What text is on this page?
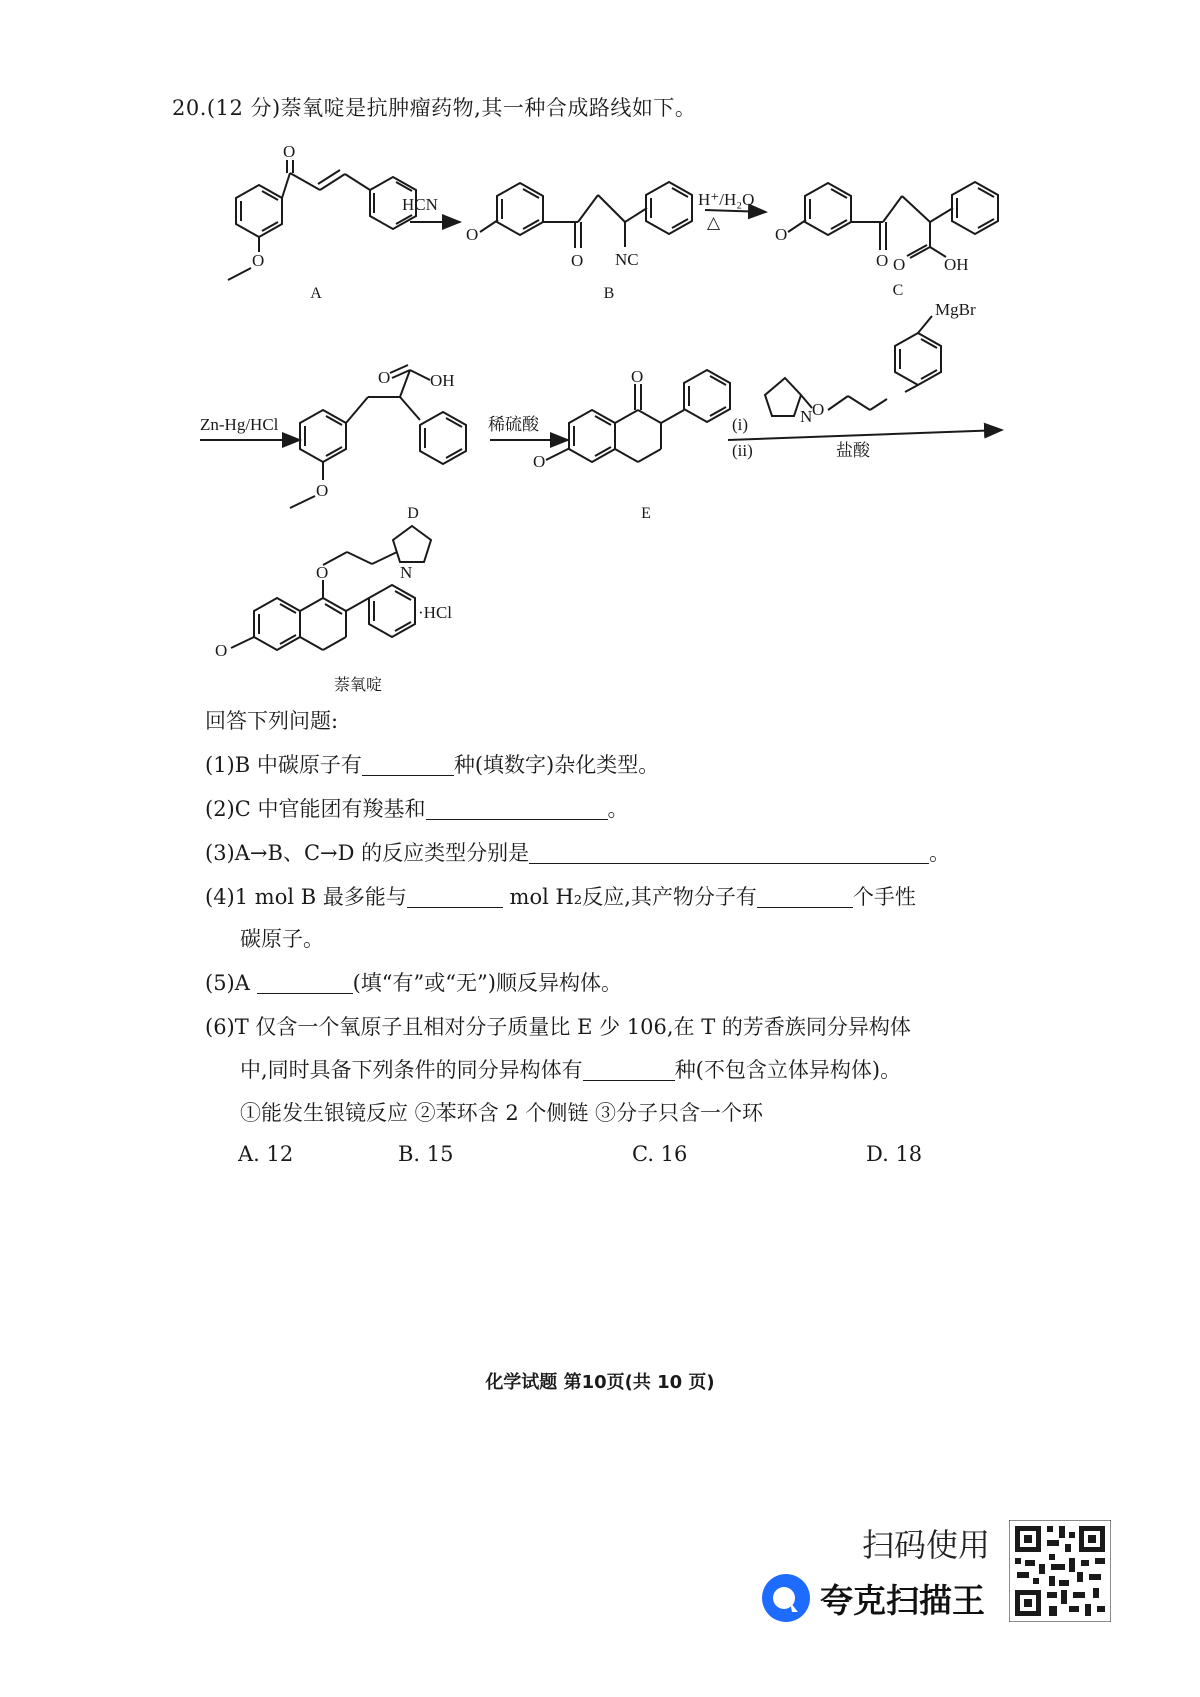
20.(12 分)萘氧啶是抗肿瘤药物,其一种合成路线如下。
O
O
O
O NC
O
O O OH
O OH
O
O
O
N O
MgBr
O	N
O
·HCl
HCN	H⁺/H₂O
△
Zn-Hg/HCl	稀硫酸	(i)
(ii)	盐酸
A	B	C
D	E
萘氧啶
回答下列问题:
(1)B 中碳原子有	种(填数字)杂化类型。
(2)C 中官能团有羧基和	。
(3)A→B、C→D 的反应类型分别是	。
(4)1 mol B 最多能与	mol H₂反应,其产物分子有	个手性
碳原子。
(5)A	(填“有”或“无”)顺反异构体。
(6)T 仅含一个氧原子且相对分子质量比 E 少 106,在 T 的芳香族同分异构体
中,同时具备下列条件的同分异构体有	种(不包含立体异构体)。
①能发生银镜反应 ②苯环含 2 个侧链 ③分子只含一个环
A. 12	B. 15	C. 16	D. 18
化学试题 第10页(共 10 页)
扫码使用
夸克扫描王
